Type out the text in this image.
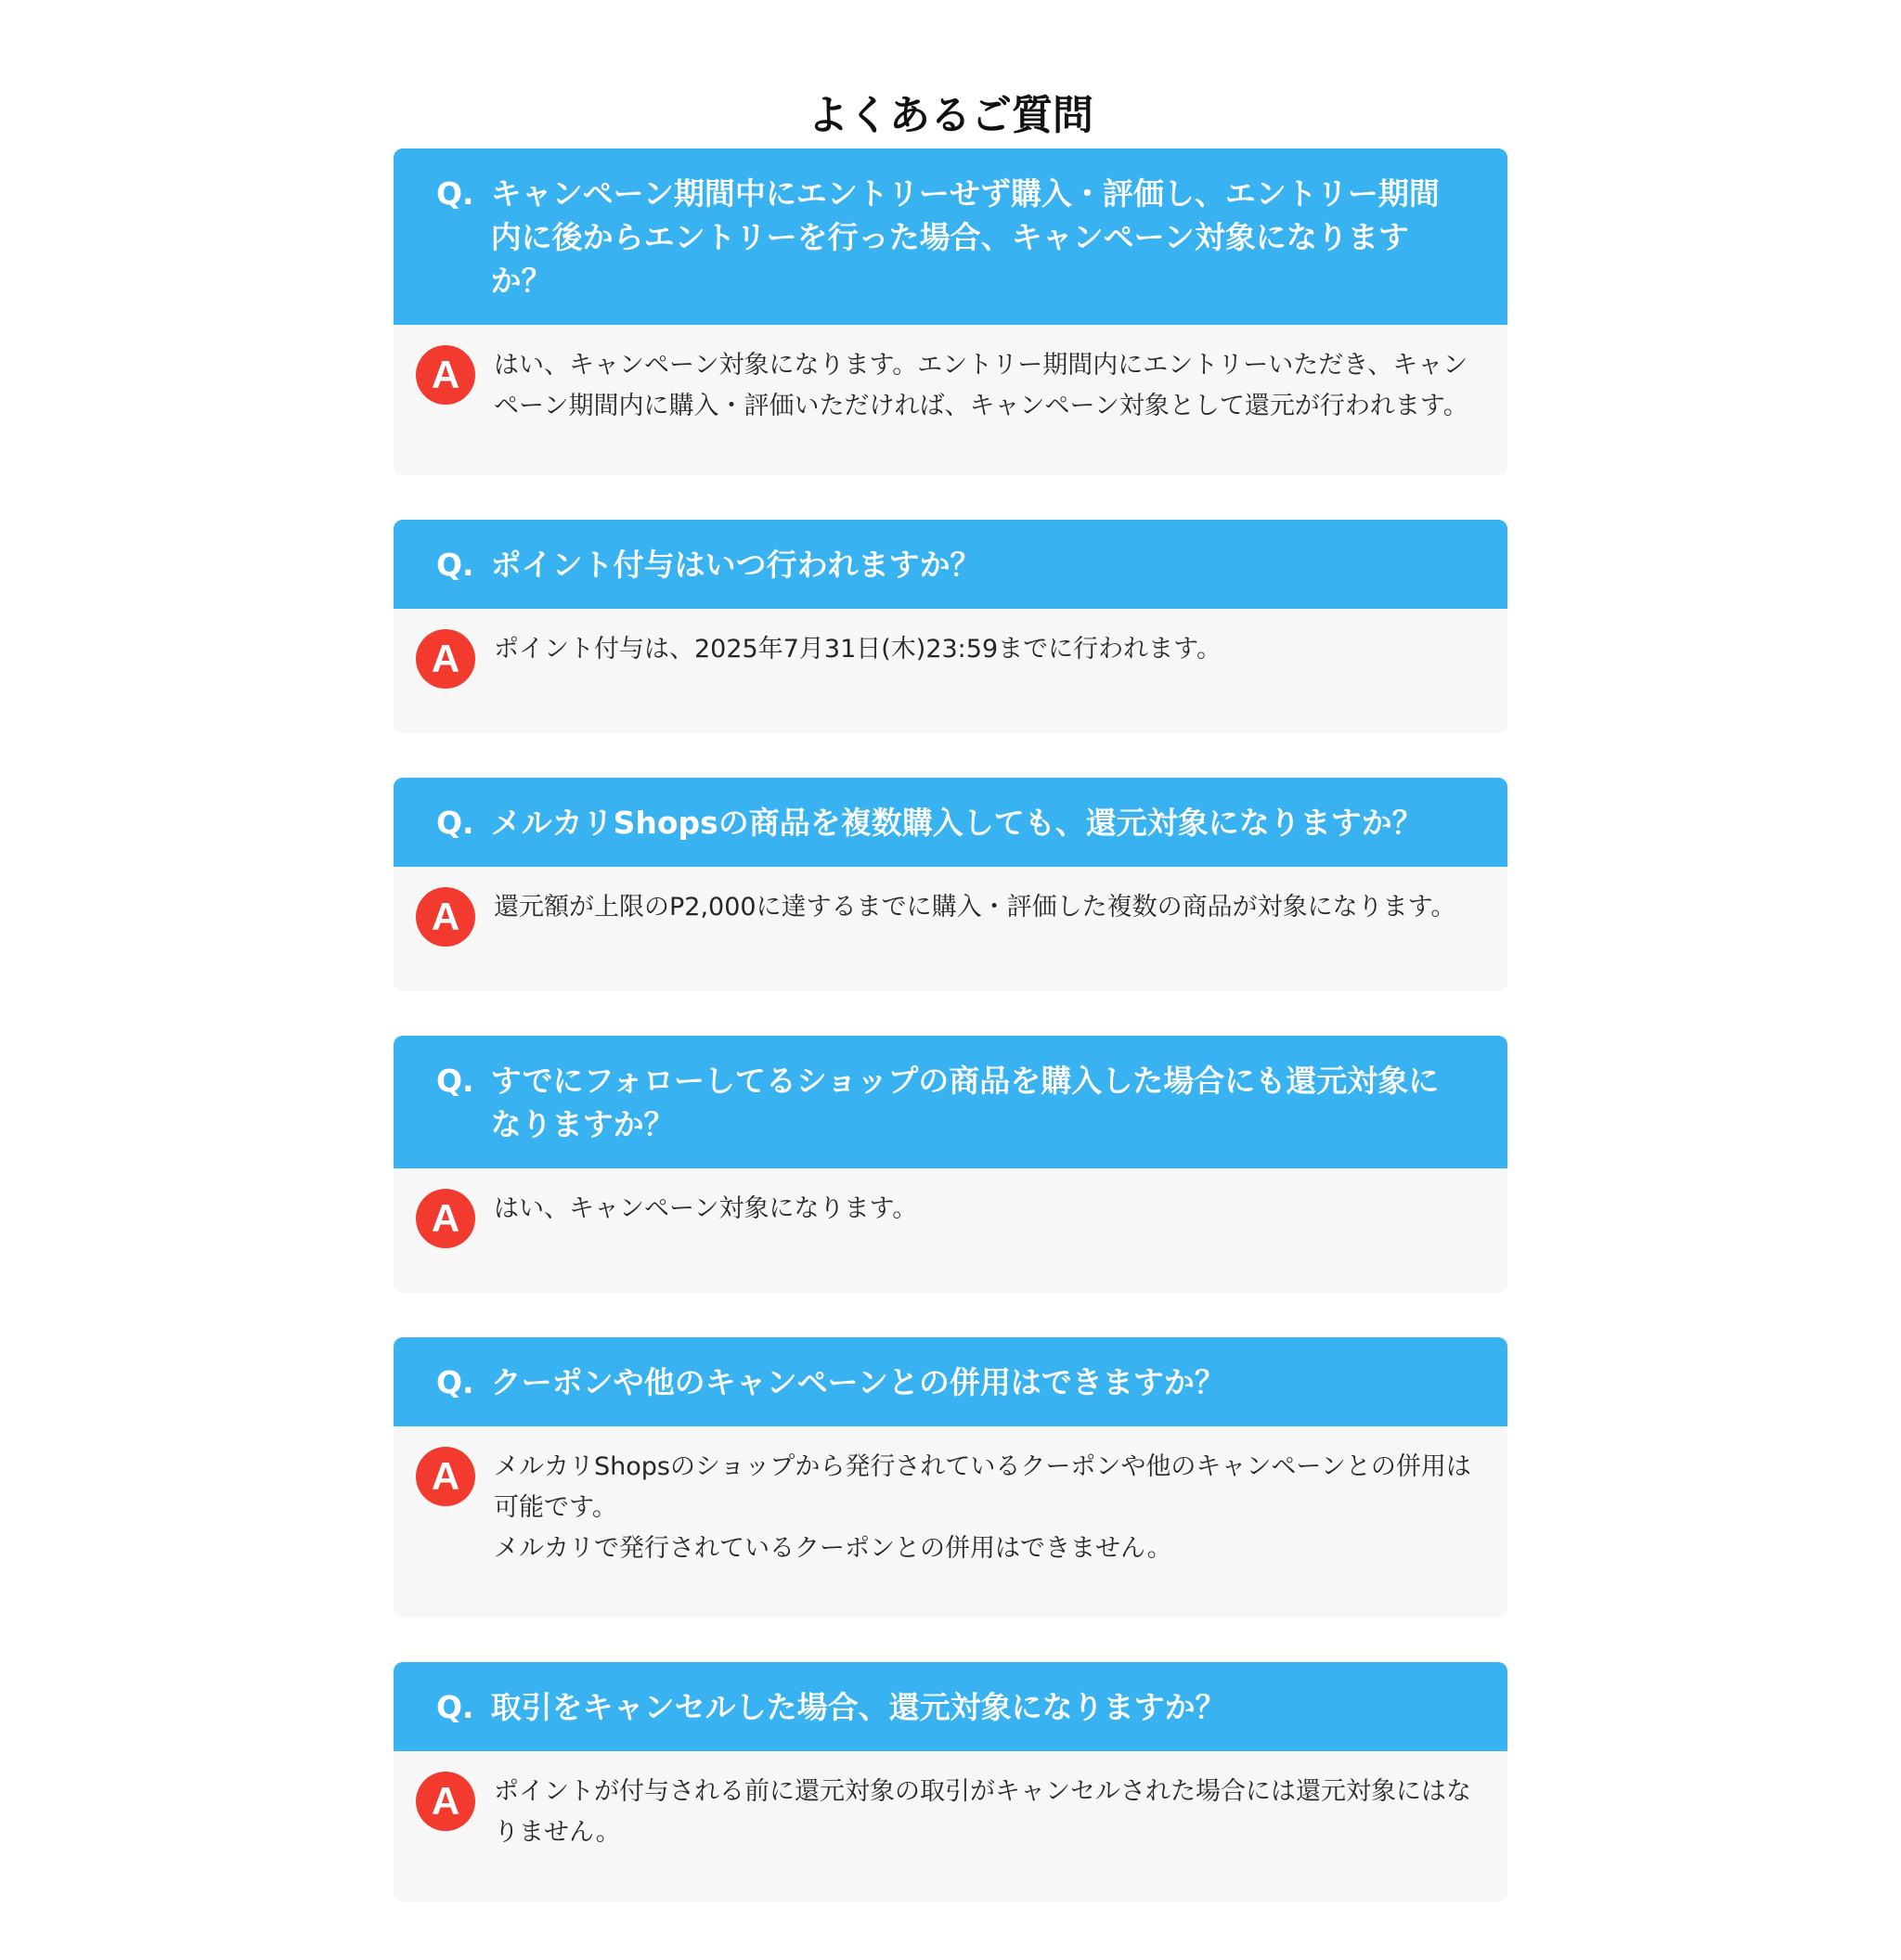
よくあるご質問
Q. キャンペーン期間中にエントリーせず購入・評価し、エントリー期間内に後からエントリーを行った場合、キャンペーン対象になりますか？
A	はい、キャンペーン対象になります。エントリー期間内にエントリーいただき、キャンペーン期間内に購入・評価いただければ、キャンペーン対象として還元が行われます。
Q. ポイント付与はいつ行われますか？
A	ポイント付与は、2025年7月31日(木)23:59までに行われます。
Q. メルカリShopsの商品を複数購入しても、還元対象になりますか？
A	還元額が上限のP2,000に達するまでに購入・評価した複数の商品が対象になります。
Q. すでにフォローしてるショップの商品を購入した場合にも還元対象になりますか？
A	はい、キャンペーン対象になります。
Q. クーポンや他のキャンペーンとの併用はできますか？
A	メルカリShopsのショップから発行されているクーポンや他のキャンペーンとの併用は可能です。
メルカリで発行されているクーポンとの併用はできません。
Q. 取引をキャンセルした場合、還元対象になりますか？
A	ポイントが付与される前に還元対象の取引がキャンセルされた場合には還元対象にはなりません。
